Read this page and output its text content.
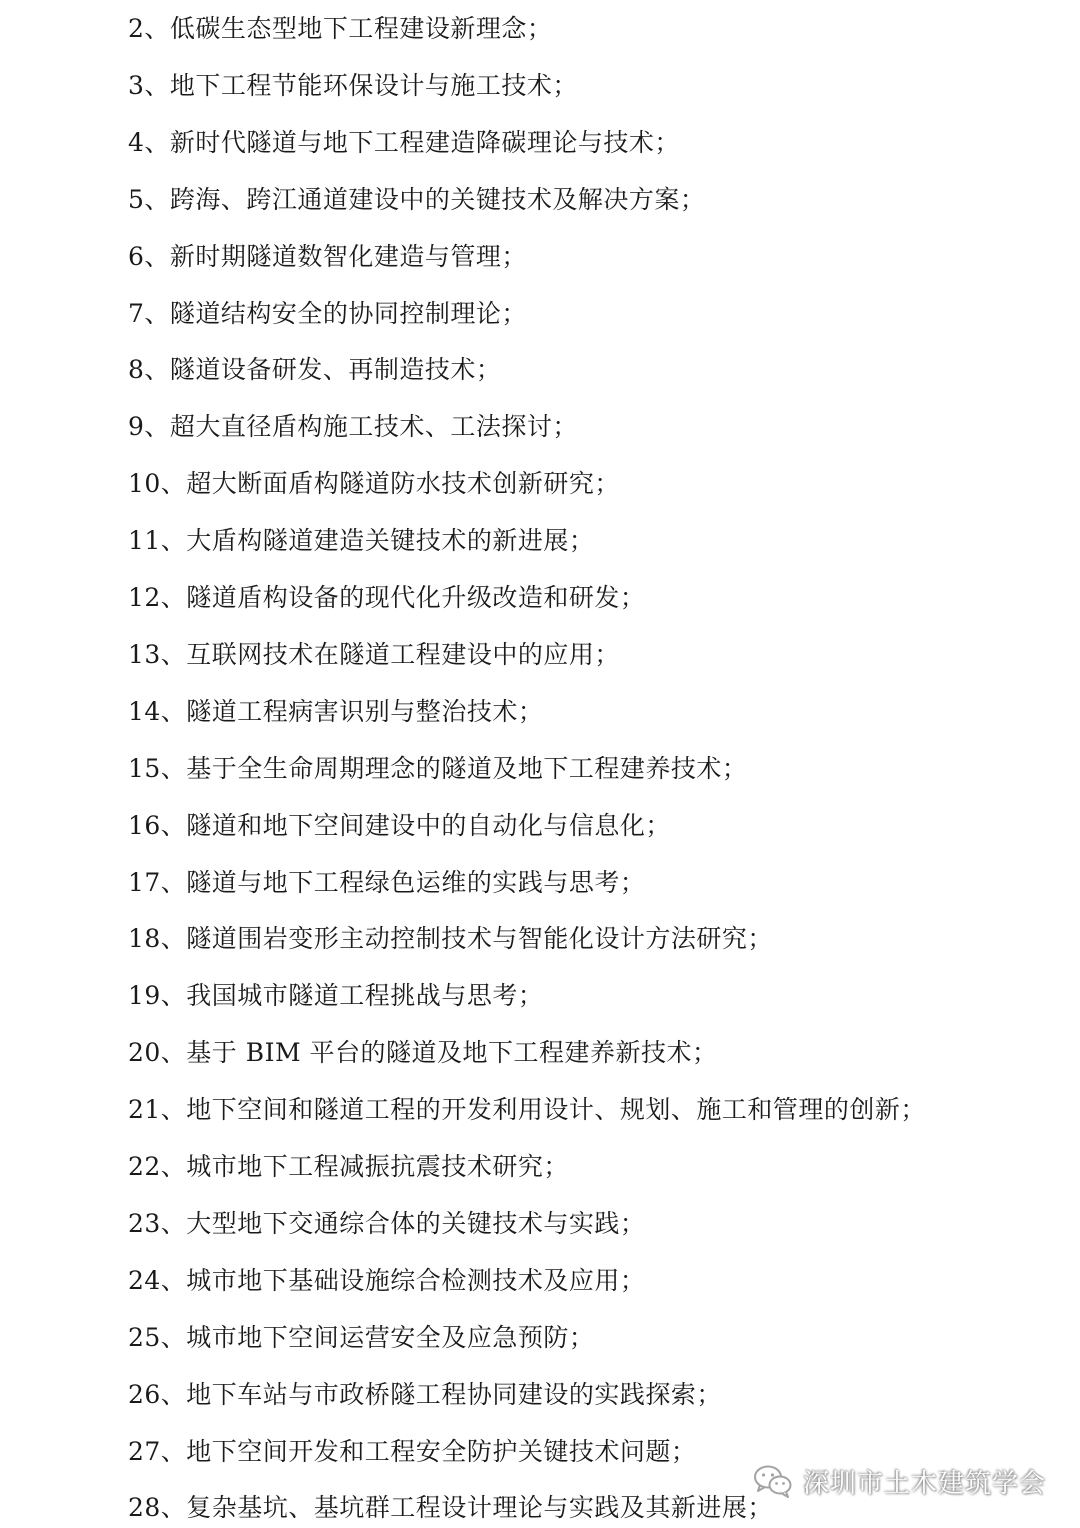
2、低碳生态型地下工程建设新理念；
3、地下工程节能环保设计与施工技术；
4、新时代隧道与地下工程建造降碳理论与技术；
5、跨海、跨江通道建设中的关键技术及解决方案；
6、新时期隧道数智化建造与管理；
7、隧道结构安全的协同控制理论；
8、隧道设备研发、再制造技术；
9、超大直径盾构施工技术、工法探讨；
10、超大断面盾构隧道防水技术创新研究；
11、大盾构隧道建造关键技术的新进展；
12、隧道盾构设备的现代化升级改造和研发；
13、互联网技术在隧道工程建设中的应用；
14、隧道工程病害识别与整治技术；
15、基于全生命周期理念的隧道及地下工程建养技术；
16、隧道和地下空间建设中的自动化与信息化；
17、隧道与地下工程绿色运维的实践与思考；
18、隧道围岩变形主动控制技术与智能化设计方法研究；
19、我国城市隧道工程挑战与思考；
20、基于 BIM 平台的隧道及地下工程建养新技术；
21、地下空间和隧道工程的开发利用设计、规划、施工和管理的创新；
22、城市地下工程减振抗震技术研究；
23、大型地下交通综合体的关键技术与实践；
24、城市地下基础设施综合检测技术及应用；
25、城市地下空间运营安全及应急预防；
26、地下车站与市政桥隧工程协同建设的实践探索；
27、地下空间开发和工程安全防护关键技术问题；
28、复杂基坑、基坑群工程设计理论与实践及其新进展；
深圳市土木建筑学会
